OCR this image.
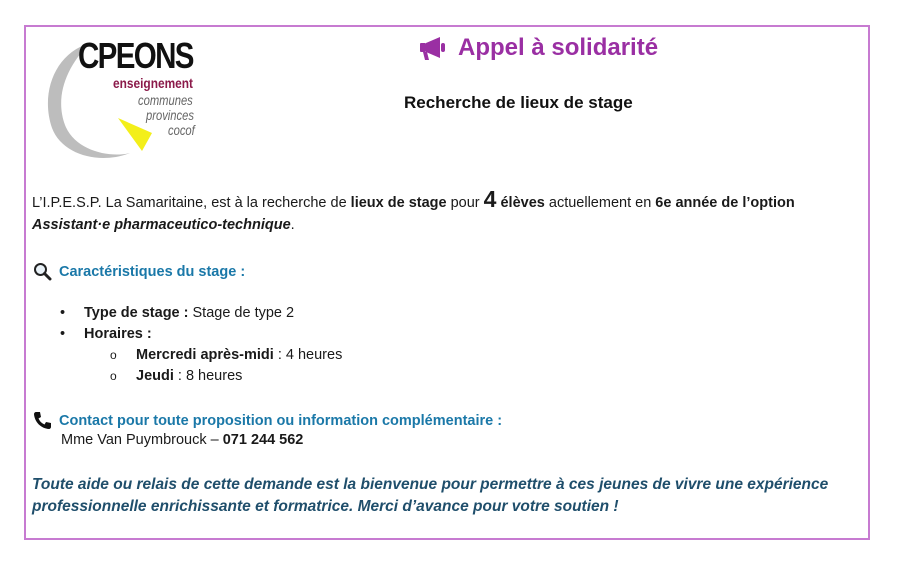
CPEONS
enseignement
communes
provinces
cocof
Appel à solidarité
Recherche de lieux de stage
L’I.P.E.S.P. La Samaritaine, est à la recherche de lieux de stage pour 4 élèves actuellement en 6e année de l’option Assistant·e pharmaceutico-technique.
Caractéristiques du stage :
• Type de stage : Stage de type 2
• Horaires :
o Mercredi après-midi : 4 heures
o Jeudi : 8 heures
Contact pour toute proposition ou information complémentaire :
Mme Van Puymbrouck – 071 244 562
Toute aide ou relais de cette demande est la bienvenue pour permettre à ces jeunes de vivre une expérience professionnelle enrichissante et formatrice. Merci d’avance pour votre soutien !
